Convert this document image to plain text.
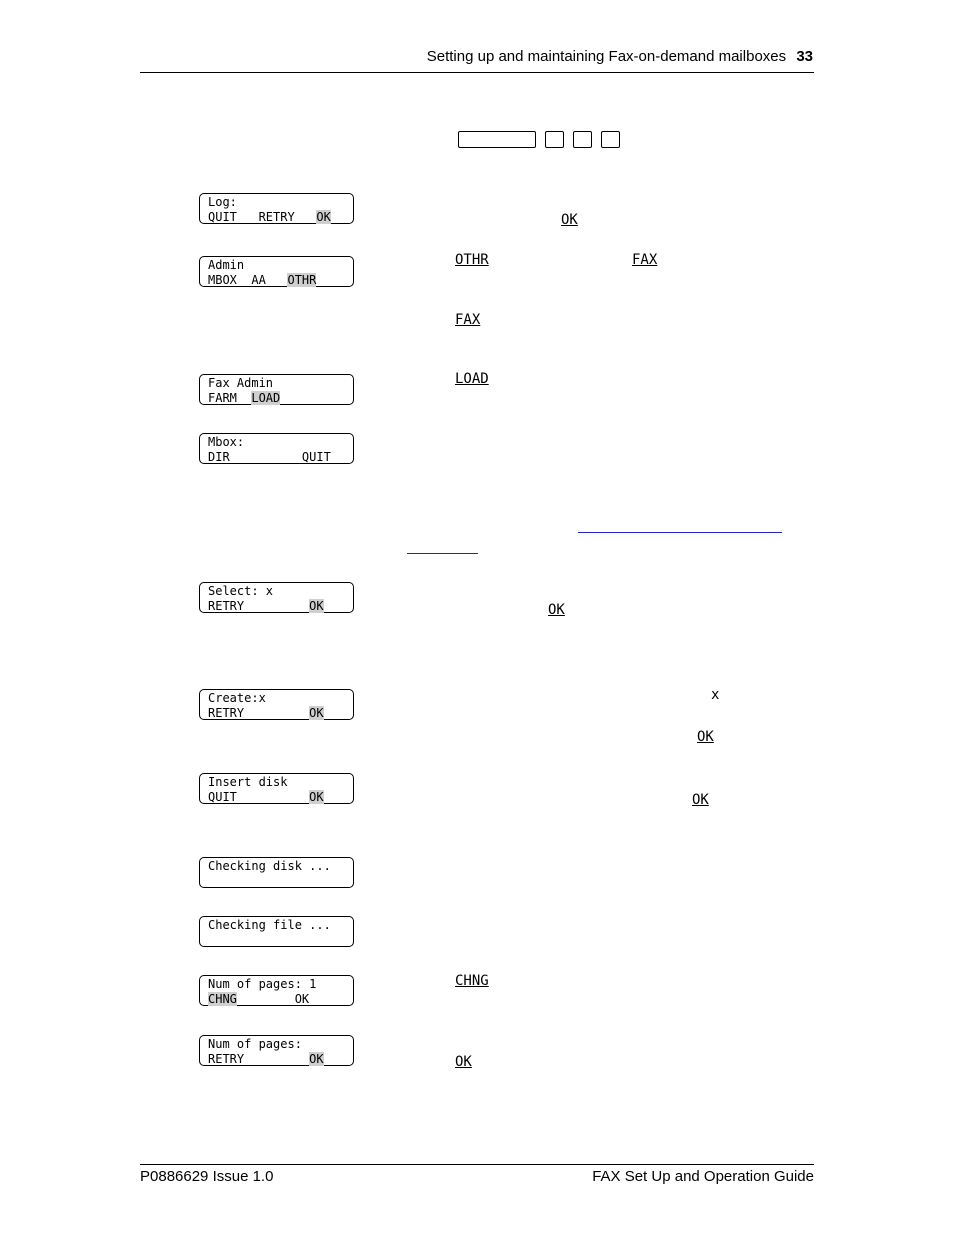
Setting up and maintaining Fax-on-demand mailboxes 33
Log:
QUIT   RETRY   OK
Admin
MBOX  AA   OTHR
Fax Admin
FARM  LOAD
Mbox:
DIR          QUIT
Select: x
RETRY         OK
Create:x
RETRY         OK
Insert disk
QUIT          OK
Checking disk ...
Checking file ...
Num of pages: 1
CHNG        OK
Num of pages:
RETRY         OK
OK
OTHR	FAX
FAX
LOAD
OK
x
OK
OK
CHNG
OK
P0886629 Issue 1.0	FAX Set Up and Operation Guide
